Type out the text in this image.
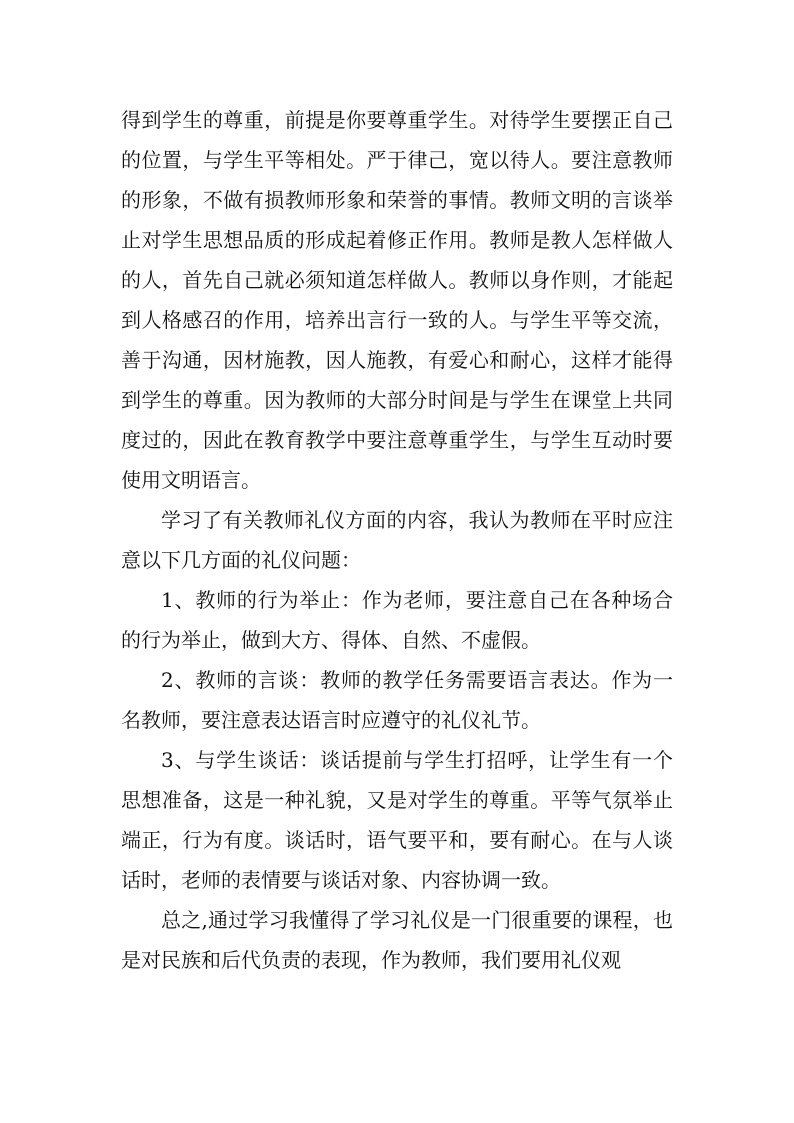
得到学生的尊重，前提是你要尊重学生。对待学生要摆正自己的位置，与学生平等相处。严于律己，宽以待人。要注意教师的形象，不做有损教师形象和荣誉的事情。教师文明的言谈举止对学生思想品质的形成起着修正作用。教师是教人怎样做人的人，首先自己就必须知道怎样做人。教师以身作则，才能起到人格感召的作用，培养出言行一致的人。与学生平等交流，善于沟通，因材施教，因人施教，有爱心和耐心，这样才能得到学生的尊重。因为教师的大部分时间是与学生在课堂上共同度过的，因此在教育教学中要注意尊重学生，与学生互动时要使用文明语言。

学习了有关教师礼仪方面的内容，我认为教师在平时应注意以下几方面的礼仪问题：

1、教师的行为举止：作为老师，要注意自己在各种场合的行为举止，做到大方、得体、自然、不虚假。

2、教师的言谈：教师的教学任务需要语言表达。作为一名教师，要注意表达语言时应遵守的礼仪礼节。

3、与学生谈话：谈话提前与学生打招呼，让学生有一个思想准备，这是一种礼貌，又是对学生的尊重。平等气氛举止端正，行为有度。谈话时，语气要平和，要有耐心。在与人谈话时，老师的表情要与谈话对象、内容协调一致。

总之,通过学习我懂得了学习礼仪是一门很重要的课程，也是对民族和后代负责的表现，作为教师，我们要用礼仪观
